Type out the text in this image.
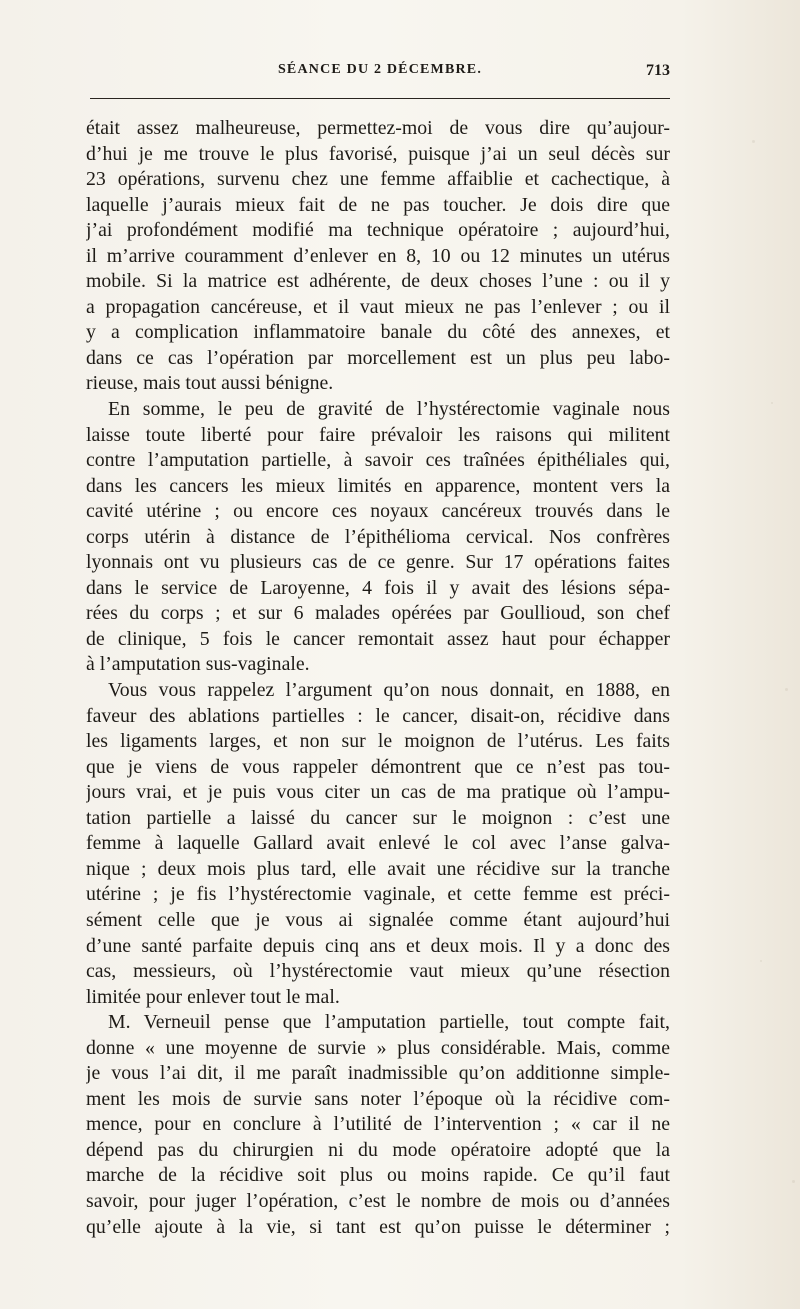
SÉANCE DU 2 DÉCEMBRE.	713
était assez malheureuse, permettez-moi de vous dire qu’aujour-
d’hui je me trouve le plus favorisé, puisque j’ai un seul décès sur
23 opérations, survenu chez une femme affaiblie et cachectique, à
laquelle j’aurais mieux fait de ne pas toucher. Je dois dire que
j’ai profondément modifié ma technique opératoire ; aujourd’hui,
il m’arrive couramment d’enlever en 8, 10 ou 12 minutes un utérus
mobile. Si la matrice est adhérente, de deux choses l’une : ou il y
a propagation cancéreuse, et il vaut mieux ne pas l’enlever ; ou il
y a complication inflammatoire banale du côté des annexes, et
dans ce cas l’opération par morcellement est un plus peu labo-
rieuse, mais tout aussi bénigne.
En somme, le peu de gravité de l’hystérectomie vaginale nous
laisse toute liberté pour faire prévaloir les raisons qui militent
contre l’amputation partielle, à savoir ces traînées épithéliales qui,
dans les cancers les mieux limités en apparence, montent vers la
cavité utérine ; ou encore ces noyaux cancéreux trouvés dans le
corps utérin à distance de l’épithélioma cervical. Nos confrères
lyonnais ont vu plusieurs cas de ce genre. Sur 17 opérations faites
dans le service de Laroyenne, 4 fois il y avait des lésions sépa-
rées du corps ; et sur 6 malades opérées par Goullioud, son chef
de clinique, 5 fois le cancer remontait assez haut pour échapper
à l’amputation sus-vaginale.
Vous vous rappelez l’argument qu’on nous donnait, en 1888, en
faveur des ablations partielles : le cancer, disait-on, récidive dans
les ligaments larges, et non sur le moignon de l’utérus. Les faits
que je viens de vous rappeler démontrent que ce n’est pas tou-
jours vrai, et je puis vous citer un cas de ma pratique où l’ampu-
tation partielle a laissé du cancer sur le moignon : c’est une
femme à laquelle Gallard avait enlevé le col avec l’anse galva-
nique ; deux mois plus tard, elle avait une récidive sur la tranche
utérine ; je fis l’hystérectomie vaginale, et cette femme est préci-
sément celle que je vous ai signalée comme étant aujourd’hui
d’une santé parfaite depuis cinq ans et deux mois. Il y a donc des
cas, messieurs, où l’hystérectomie vaut mieux qu’une résection
limitée pour enlever tout le mal.
M. Verneuil pense que l’amputation partielle, tout compte fait,
donne « une moyenne de survie » plus considérable. Mais, comme
je vous l’ai dit, il me paraît inadmissible qu’on additionne simple-
ment les mois de survie sans noter l’époque où la récidive com-
mence, pour en conclure à l’utilité de l’intervention ; « car il ne
dépend pas du chirurgien ni du mode opératoire adopté que la
marche de la récidive soit plus ou moins rapide. Ce qu’il faut
savoir, pour juger l’opération, c’est le nombre de mois ou d’années
qu’elle ajoute à la vie, si tant est qu’on puisse le déterminer ;
